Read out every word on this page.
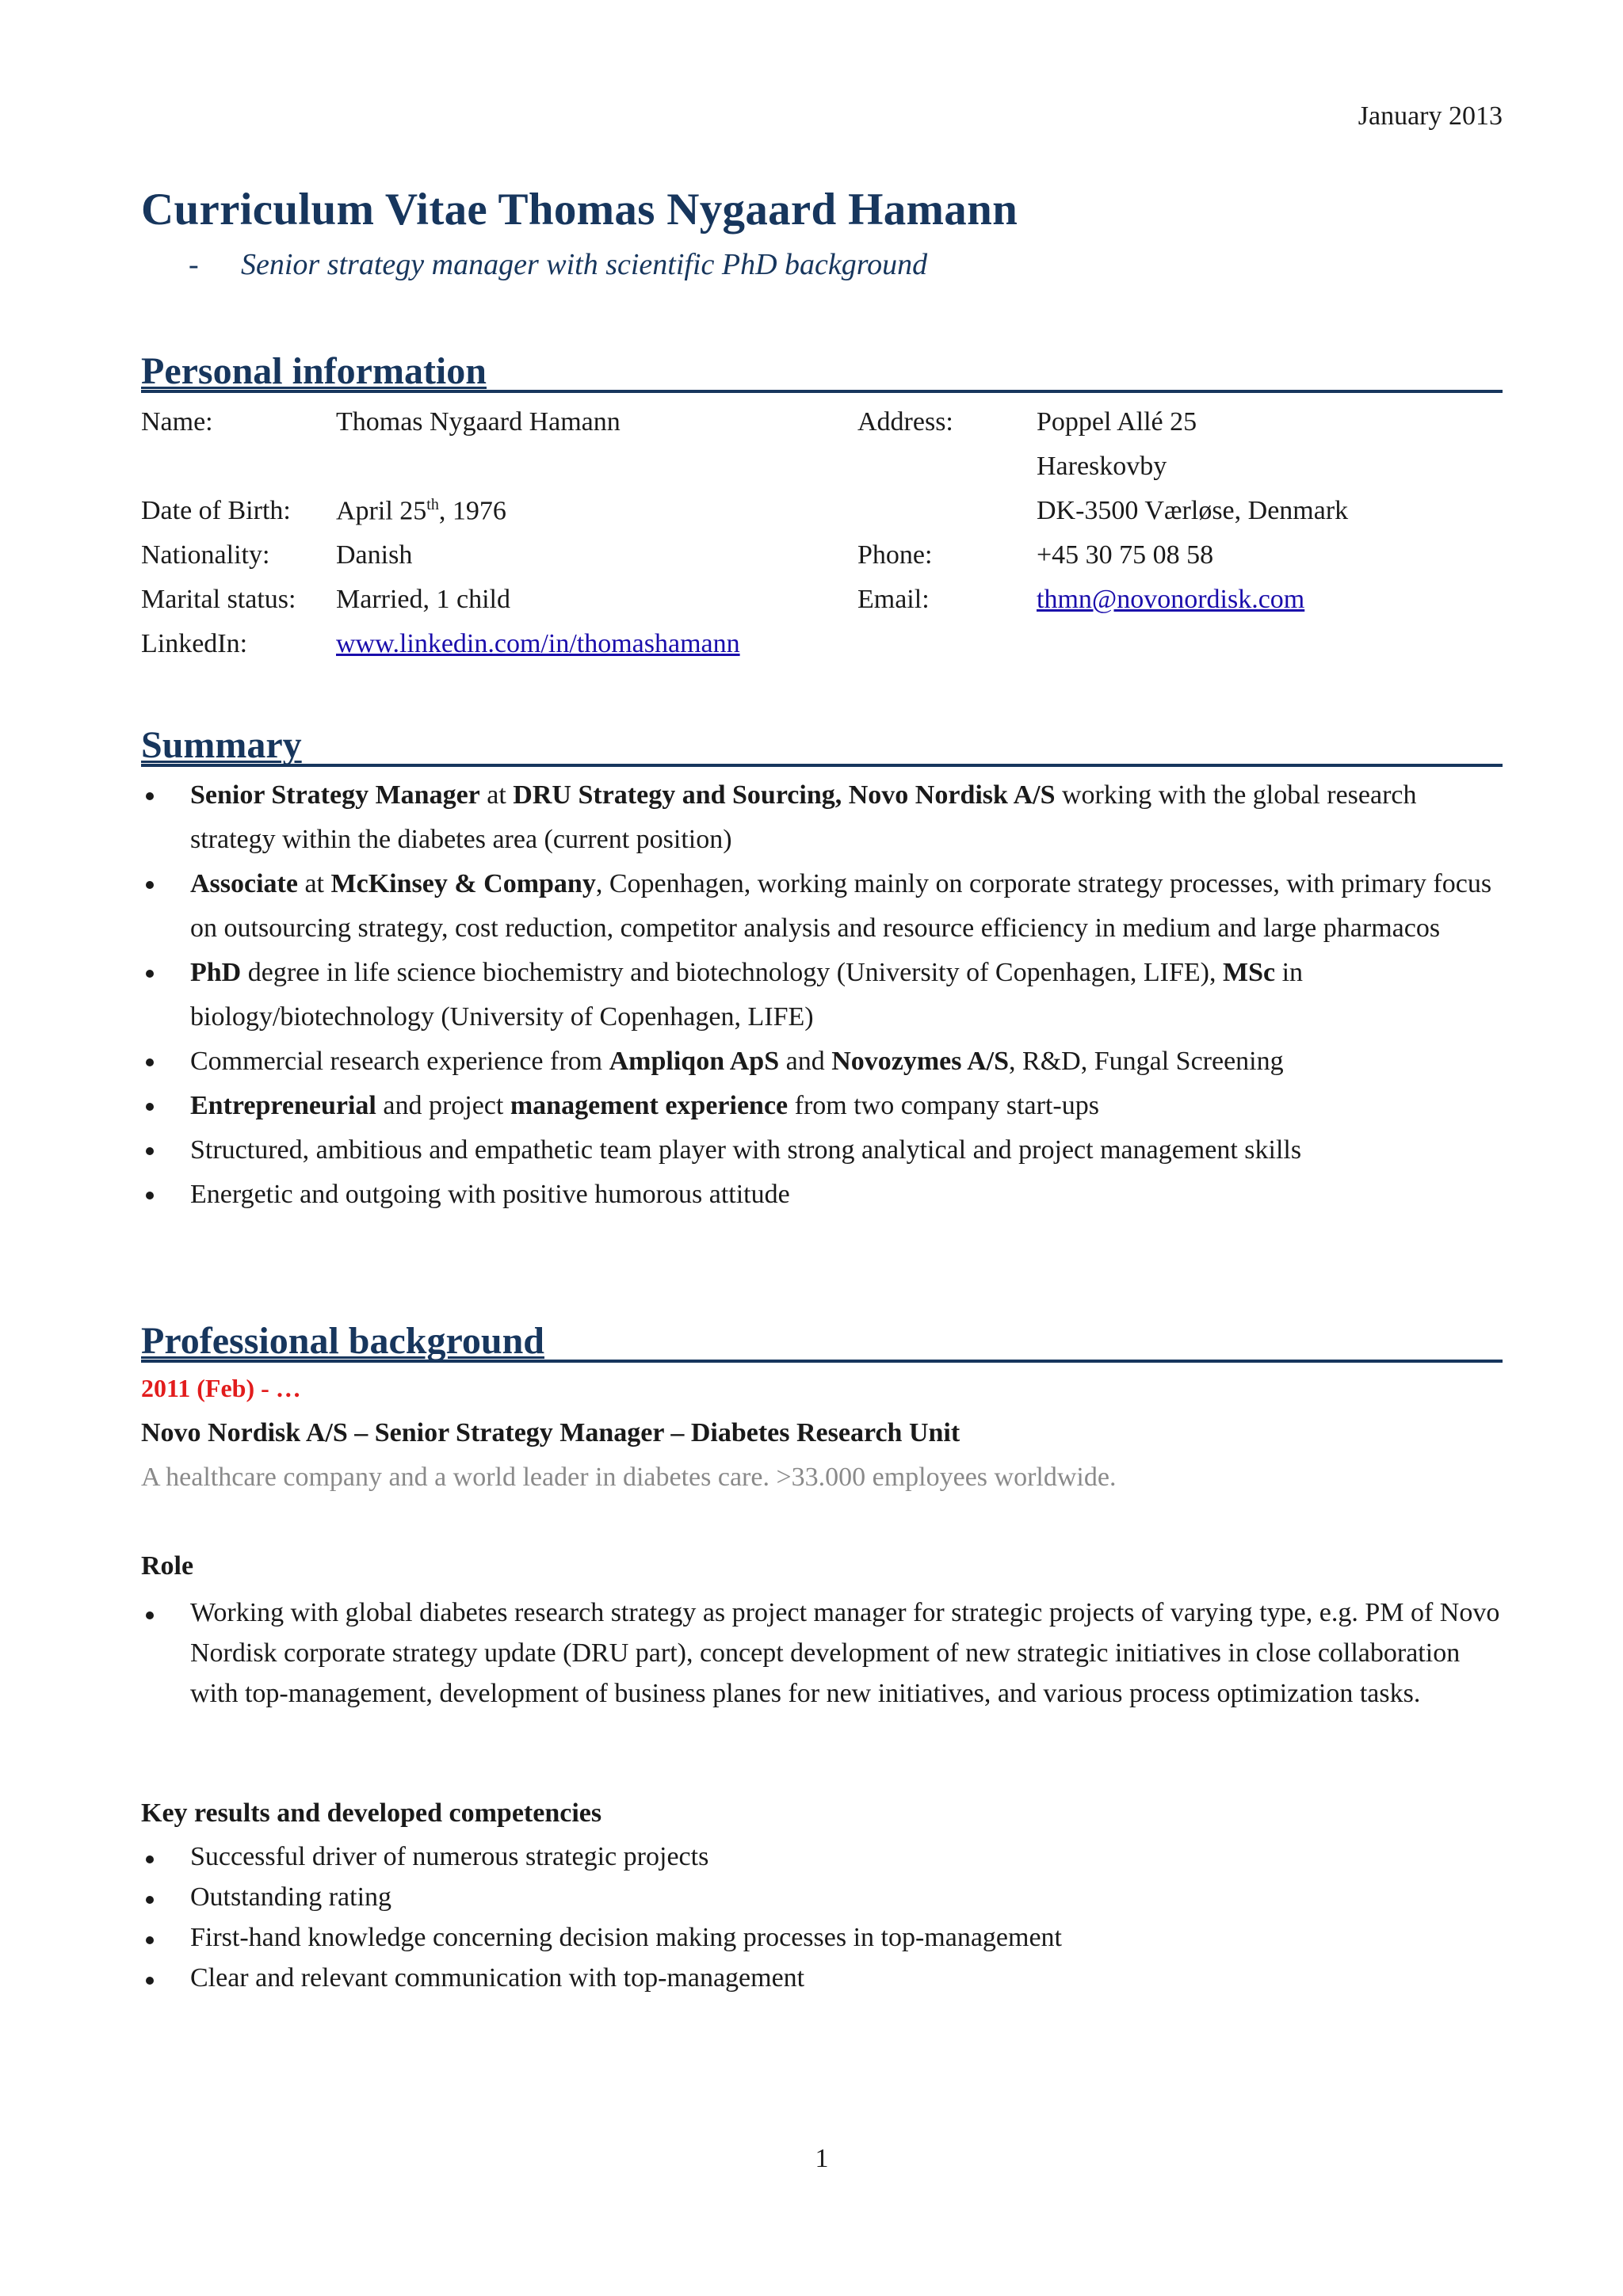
January 2013
Curriculum Vitae Thomas Nygaard Hamann
- Senior strategy manager with scientific PhD background
Personal information
Name:	Thomas Nygaard Hamann
Date of Birth: April 25th, 1976
Nationality: Danish
Marital status: Married, 1 child
LinkedIn:	www.linkedin.com/in/thomashamann
Address:	Poppel Allé 25
Hareskovby
DK-3500 Værløse, Denmark
Phone:	+45 30 75 08 58
Email:	thmn@novonordisk.com
Summary
Senior Strategy Manager at DRU Strategy and Sourcing, Novo Nordisk A/S working with the global research strategy within the diabetes area (current position)
Associate at McKinsey & Company, Copenhagen, working mainly on corporate strategy processes, with primary focus on outsourcing strategy, cost reduction, competitor analysis and resource efficiency in medium and large pharmacos
PhD degree in life science biochemistry and biotechnology (University of Copenhagen, LIFE), MSc in biology/biotechnology (University of Copenhagen, LIFE)
Commercial research experience from Ampliqon ApS and Novozymes A/S, R&D, Fungal Screening
Entrepreneurial and project management experience from two company start-ups
Structured, ambitious and empathetic team player with strong analytical and project management skills
Energetic and outgoing with positive humorous attitude
Professional background
2011 (Feb) - …
Novo Nordisk A/S – Senior Strategy Manager – Diabetes Research Unit
A healthcare company and a world leader in diabetes care. >33.000 employees worldwide.
Role
Working with global diabetes research strategy as project manager for strategic projects of varying type, e.g. PM of Novo Nordisk corporate strategy update (DRU part), concept development of new strategic initiatives in close collaboration with top-management, development of business planes for new initiatives, and various process optimization tasks.
Key results and developed competencies
Successful driver of numerous strategic projects
Outstanding rating
First-hand knowledge concerning decision making processes in top-management
Clear and relevant communication with top-management
1
